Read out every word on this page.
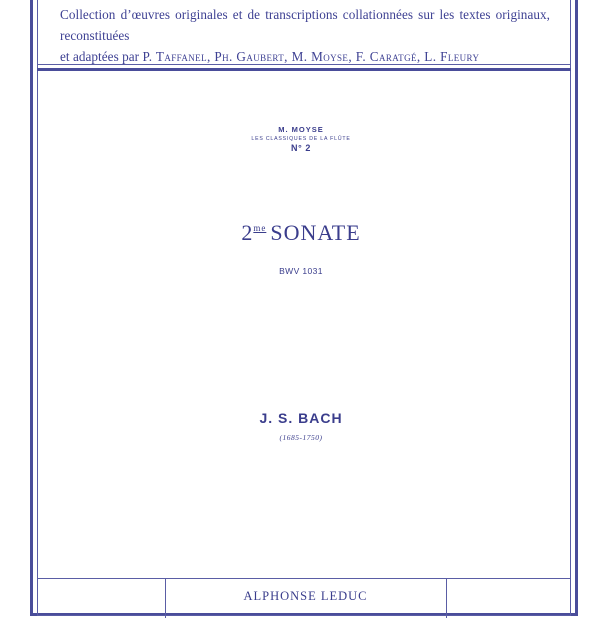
Collection d’œuvres originales et de transcriptions collationnées sur les textes originaux, reconstituées
et adaptées par P. Taffanel, Ph. Gaubert, M. Moyse, F. Caratgé, L. Fleury
M. MOYSE
LES CLASSIQUES DE LA FLÛTE
N° 2
$2^{me}$ SONATE
BWV 1031
J. S. BACH
(1685-1750)
ALPHONSE LEDUC
